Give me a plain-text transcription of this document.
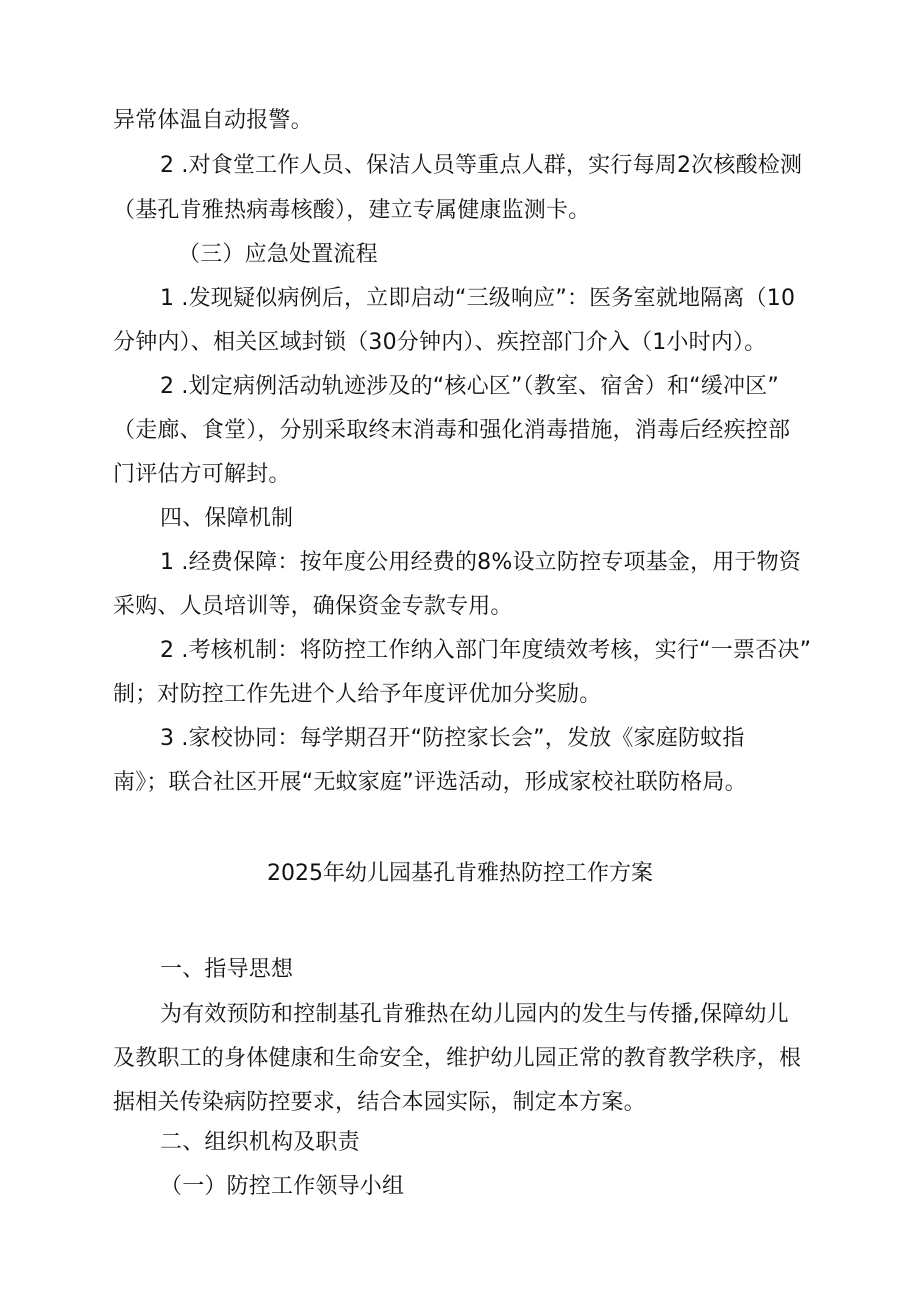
异常体温自动报警。
2 .对食堂工作人员、保洁人员等重点人群，实行每周2次核酸检测
（基孔肯雅热病毒核酸），建立专属健康监测卡。
（三）应急处置流程
1 .发现疑似病例后，立即启动“三级响应”：医务室就地隔离（10
分钟内）、相关区域封锁（30分钟内）、疾控部门介入（1小时内）。
2 .划定病例活动轨迹涉及的“核心区”（教室、宿舍）和“缓冲区”
（走廊、食堂），分别采取终末消毒和强化消毒措施，消毒后经疾控部
门评估方可解封。
四、保障机制
1 .经费保障：按年度公用经费的8%设立防控专项基金，用于物资
采购、人员培训等，确保资金专款专用。
2 .考核机制：将防控工作纳入部门年度绩效考核，实行“一票否决”
制；对防控工作先进个人给予年度评优加分奖励。
3 .家校协同：每学期召开“防控家长会”，发放《家庭防蚊指
南》；联合社区开展“无蚊家庭”评选活动，形成家校社联防格局。
2025年幼儿园基孔肯雅热防控工作方案
一、指导思想
为有效预防和控制基孔肯雅热在幼儿园内的发生与传播,保障幼儿
及教职工的身体健康和生命安全，维护幼儿园正常的教育教学秩序，根
据相关传染病防控要求，结合本园实际，制定本方案。
二、组织机构及职责
（一）防控工作领导小组
